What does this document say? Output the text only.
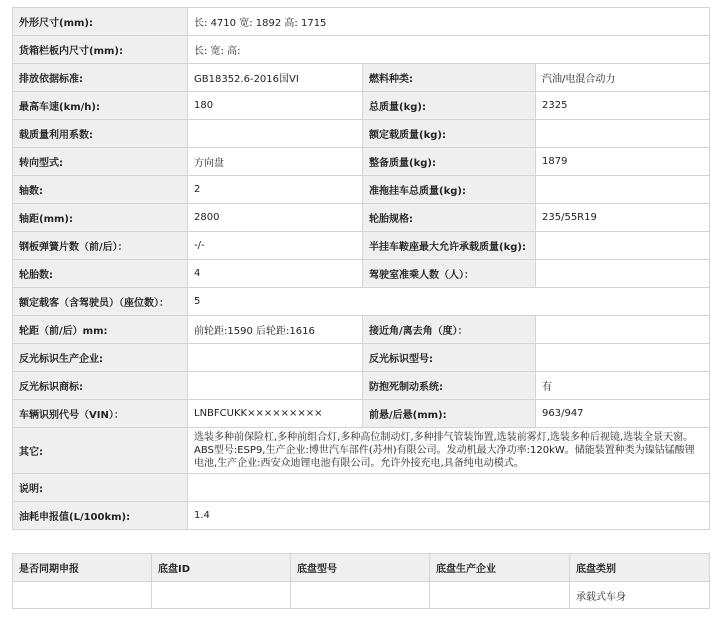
外形尺寸(mm):	长: 4710 宽: 1892 高: 1715		
货箱栏板内尺寸(mm):	长: 宽: 高:		
排放依据标准:	GB18352.6-2016国VI	燃料种类:	汽油/电混合动力
最高车速(km/h):	180	总质量(kg):	2325
载质量利用系数:		额定载质量(kg):	
转向型式:	方向盘	整备质量(kg):	1879
轴数:	2	准拖挂车总质量(kg):	
轴距(mm):	2800	轮胎规格:	235/55R19
钢板弹簧片数（前/后）：	-/-	半挂车鞍座最大允许承载质量(kg):	
轮胎数:	4	驾驶室准乘人数（人）：	
额定载客（含驾驶员）（座位数）：	5		
轮距（前/后）mm:	前轮距:1590 后轮距:1616	接近角/离去角（度）：	
反光标识生产企业:		反光标识型号:	
反光标识商标:		防抱死制动系统:	有
车辆识别代号（VIN）：	LNBFCUKK×××××××××	前悬/后悬(mm):	963/947
其它:	选装多种前保险杠,多种前组合灯,多种高位制动灯,多种排气管装饰置,选装前雾灯,选装多种后视镜,选装全景天窗。ABS型号:ESP9,生产企业:博世汽车部件(苏州)有限公司。发动机最大净功率:120kW。储能装置种类为镍钴锰酸锂电池,生产企业:西安众迪锂电池有限公司。允许外接充电,具备纯电动模式。		
说明:			
油耗申报值(L/100km):	1.4		
是否同期申报	底盘ID	底盘型号	底盘生产企业	底盘类别
				承载式车身
